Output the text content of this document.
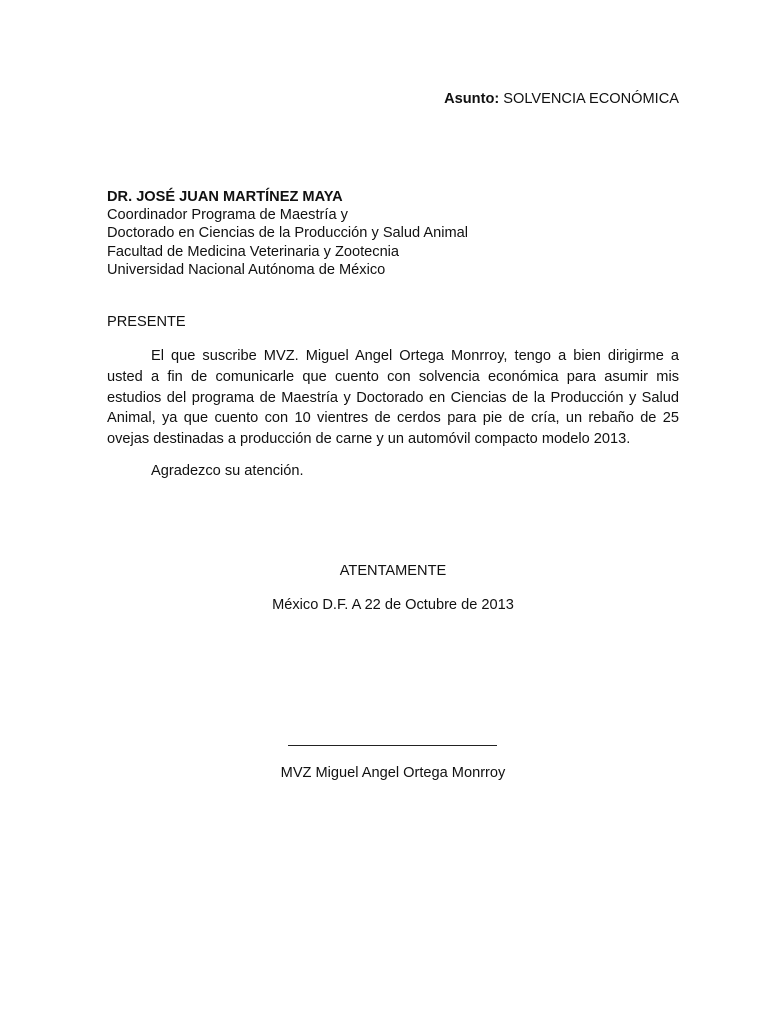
Asunto: SOLVENCIA ECONÓMICA
DR. JOSÉ JUAN MARTÍNEZ MAYA
Coordinador Programa de Maestría y
Doctorado en Ciencias de la Producción y Salud Animal
Facultad de Medicina Veterinaria y Zootecnia
Universidad Nacional Autónoma de México
PRESENTE
El que suscribe MVZ. Miguel Angel Ortega Monrroy, tengo a bien dirigirme a usted a fin de comunicarle que cuento con solvencia económica para asumir mis estudios del programa de Maestría y Doctorado en Ciencias de la Producción y Salud Animal, ya que cuento con 10 vientres de cerdos para pie de cría, un rebaño de 25 ovejas destinadas a producción de carne y un automóvil compacto modelo 2013.
Agradezco su atención.
ATENTAMENTE
México D.F. A 22 de Octubre de 2013
MVZ Miguel Angel Ortega Monrroy
